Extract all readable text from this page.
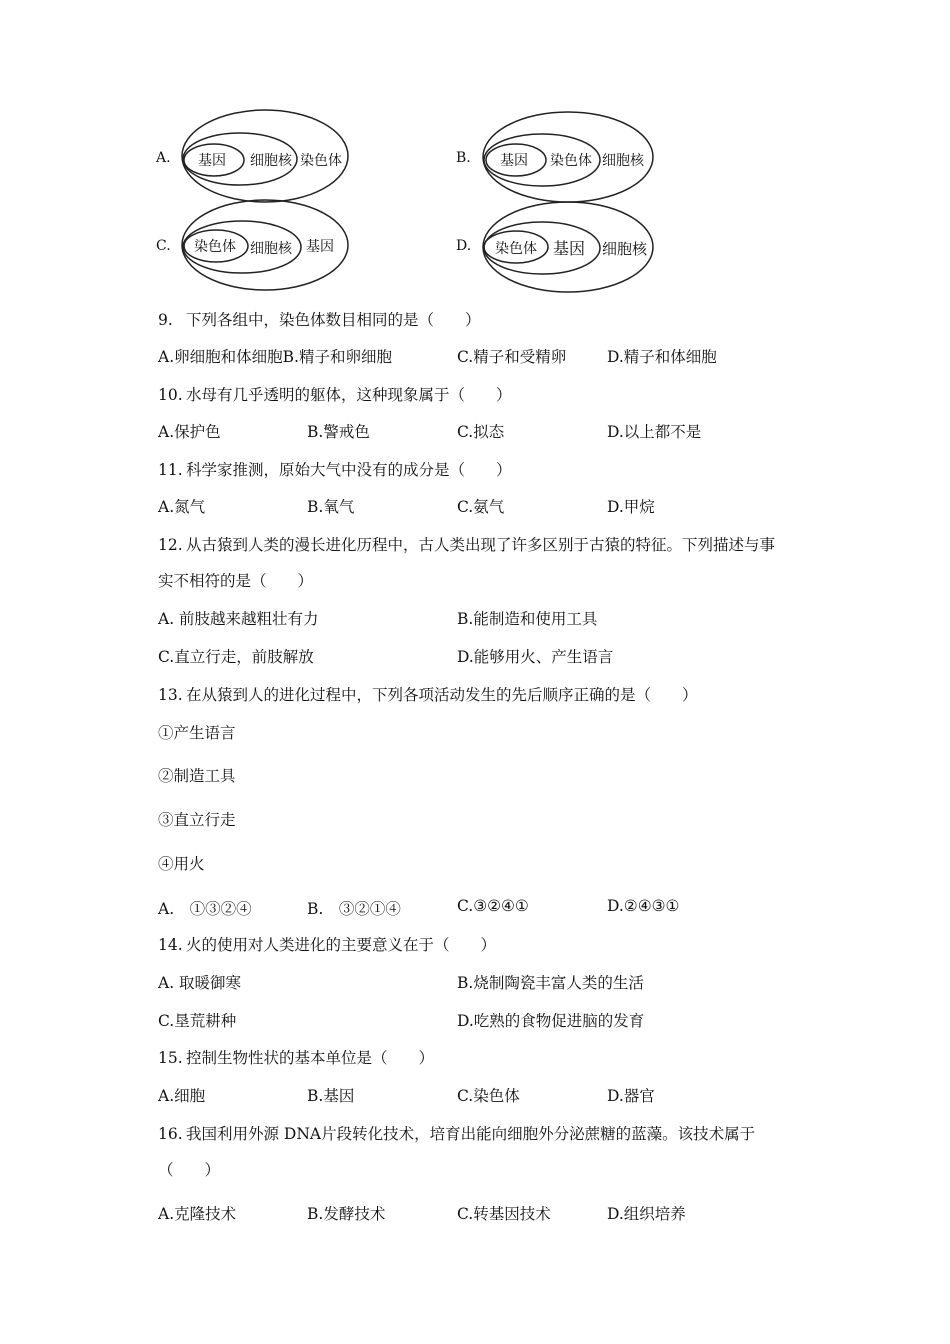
A. 基因 细胞核 染色体	B. 基因 染色体 细胞核
C. 染色体 细胞核 基因	D. 染色体 基因 细胞核
9. 下列各组中，染色体数目相同的是（　　）
A.卵细胞和体细胞B.精子和卵细胞	C.精子和受精卵	D.精子和体细胞
10. 水母有几乎透明的躯体，这种现象属于（　　）
A.保护色	B.警戒色	C.拟态	D.以上都不是
11. 科学家推测，原始大气中没有的成分是（　　）
A.氮气	B.氧气	C.氨气	D.甲烷
12. 从古猿到人类的漫长进化历程中，古人类出现了许多区别于古猿的特征。下列描述与事
实不相符的是（　　）
A. 前肢越来越粗壮有力	B.能制造和使用工具
C.直立行走，前肢解放	D.能够用火、产生语言
13. 在从猿到人的进化过程中，下列各项活动发生的先后顺序正确的是（　　）
①产生语言
②制造工具
③直立行走
④用火
A.　①③②④	B.　③②①④	C.③②④①	D.②④③①
14. 火的使用对人类进化的主要意义在于（　　）
A. 取暖御寒	B.烧制陶瓷丰富人类的生活
C.垦荒耕种	D.吃熟的食物促进脑的发育
15. 控制生物性状的基本单位是（　　）
A.细胞	B.基因	C.染色体	D.器官
16. 我国利用外源 DNA片段转化技术，培育出能向细胞外分泌蔗糖的蓝藻。该技术属于
（　　）
A.克隆技术	B.发酵技术	C.转基因技术	D.组织培养
